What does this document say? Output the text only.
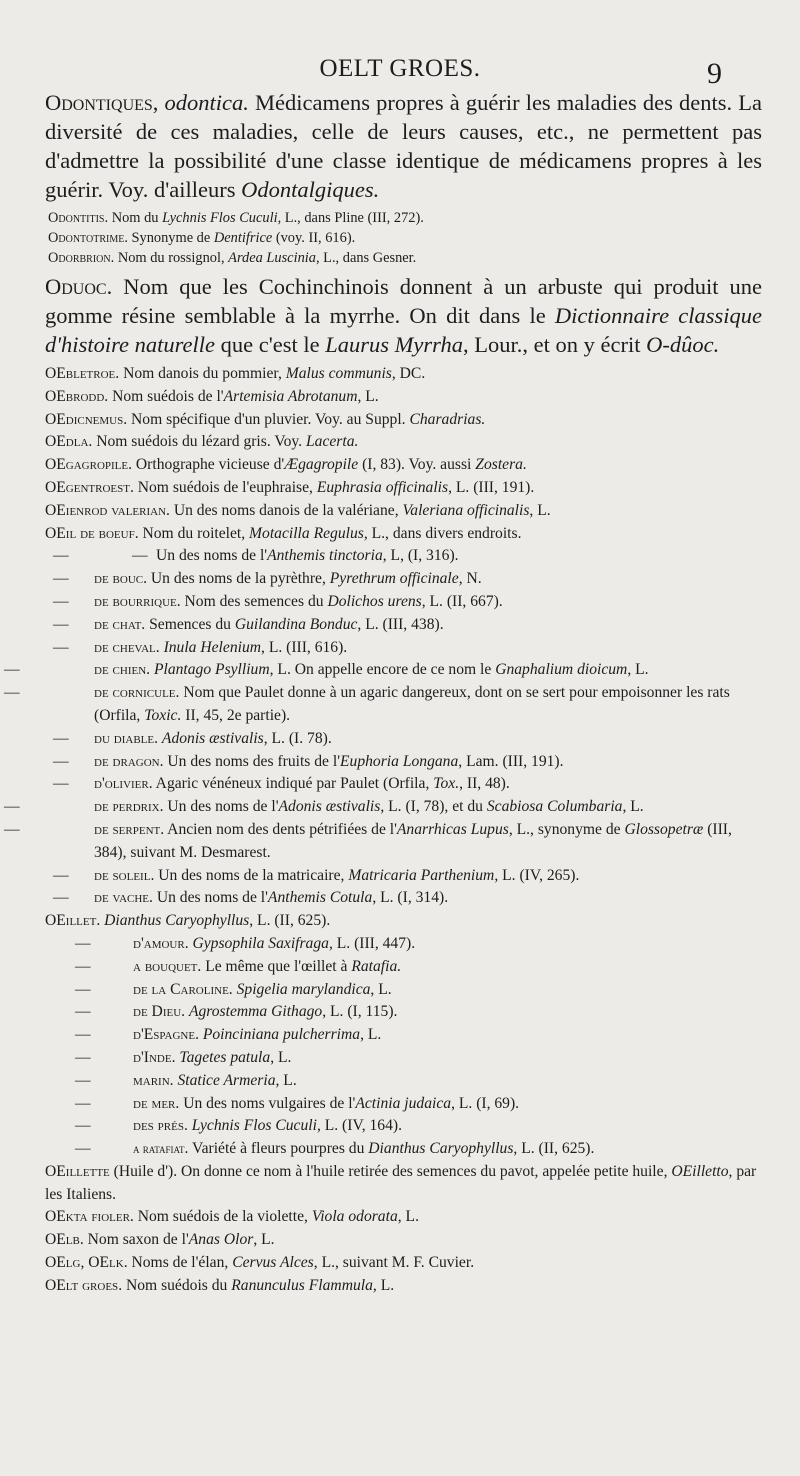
OELT GROES.	9

Odontiques, odontica. Médicamens propres à guérir les maladies des dents. La diversité de ces maladies, celle de leurs causes, etc., ne permettent pas d'admettre la possibilité d'une classe identique de médicamens propres à les guérir. Voy. d'ailleurs Odontalgiques.

Odontitis. Nom du Lychnis Flos Cuculi, L., dans Pline (III, 272).

Odontotrime. Synonyme de Dentifrice (voy. II, 616).

Odorbrion. Nom du rossignol, Ardea Luscinia, L., dans Gesner.

Oduoc. Nom que les Cochinchinois donnent à un arbuste qui produit une gomme résine semblable à la myrrhe. On dit dans le Dictionnaire classique d'histoire naturelle que c'est le Laurus Myrrha, Lour., et on y écrit O-dûoc.

OEbletroe. Nom danois du pommier, Malus communis, DC.

OEbrodd. Nom suédois de l'Artemisia Abrotanum, L.

OEdicnemus. Nom spécifique d'un pluvier. Voy. au Suppl. Charadrias.

OEdla. Nom suédois du lézard gris. Voy. Lacerta.

OEgagropile. Orthographe vicieuse d'Ægagropile (I, 83). Voy. aussi Zostera.

OEgentroest. Nom suédois de l'euphraise, Euphrasia officinalis, L. (III, 191).

OEienrod valerian. Un des noms danois de la valériane, Valeriana officinalis, L.

OEil de boeuf. Nom du roitelet, Motacilla Regulus, L., dans divers endroits.

—	— Un des noms de l'Anthemis tinctoria, L, (I, 316).

— de bouc. Un des noms de la pyrèthre, Pyrethrum officinale, N.

— de bourrique. Nom des semences du Dolichos urens, L. (II, 667).

— de chat. Semences du Guilandina Bonduc, L. (III, 438).

— de cheval. Inula Helenium, L. (III, 616).

—	de chien. Plantago Psyllium, L. On appelle encore de ce nom le Gnaphalium dioicum, L.

—	de cornicule. Nom que Paulet donne à un agaric dangereux, dont on se sert pour empoisonner les rats (Orfila, Toxic. II, 45, 2e partie).

— du diable. Adonis æstivalis, L. (I. 78).

— de dragon. Un des noms des fruits de l'Euphoria Longana, Lam. (III, 191).

— d'olivier. Agaric vénéneux indiqué par Paulet (Orfila, Tox., II, 48).

—	de perdrix. Un des noms de l'Adonis æstivalis, L. (I, 78), et du Scabiosa Columbaria, L.

—	de serpent. Ancien nom des dents pétrifiées de l'Anarrhicas Lupus, L., synonyme de Glossopetræ (III, 384), suivant M. Desmarest.

— de soleil. Un des noms de la matricaire, Matricaria Parthenium, L. (IV, 265).

— de vache. Un des noms de l'Anthemis Cotula, L. (I, 314).

OEillet. Dianthus Caryophyllus, L. (II, 625).

—	d'amour. Gypsophila Saxifraga, L. (III, 447).

—	a bouquet. Le même que l'œillet à Ratafia.

—	de la Caroline. Spigelia marylandica, L.

—	de Dieu. Agrostemma Githago, L. (I, 115).

—	d'Espagne. Poinciniana pulcherrima, L.

—	d'Inde. Tagetes patula, L.

—	marin. Statice Armeria, L.

—	de mer. Un des noms vulgaires de l'Actinia judaica, L. (I, 69).

—	des prés. Lychnis Flos Cuculi, L. (IV, 164).

—	a ratafiat. Variété à fleurs pourpres du Dianthus Caryophyllus, L. (II, 625).

OEillette (Huile d'). On donne ce nom à l'huile retirée des semences du pavot, appelée petite huile, OEilletto, par les Italiens.

OEkta fioler. Nom suédois de la violette, Viola odorata, L.

OElb. Nom saxon de l'Anas Olor, L.

OElg, OElk. Noms de l'élan, Cervus Alces, L., suivant M. F. Cuvier.

OElt groes. Nom suédois du Ranunculus Flammula, L.
